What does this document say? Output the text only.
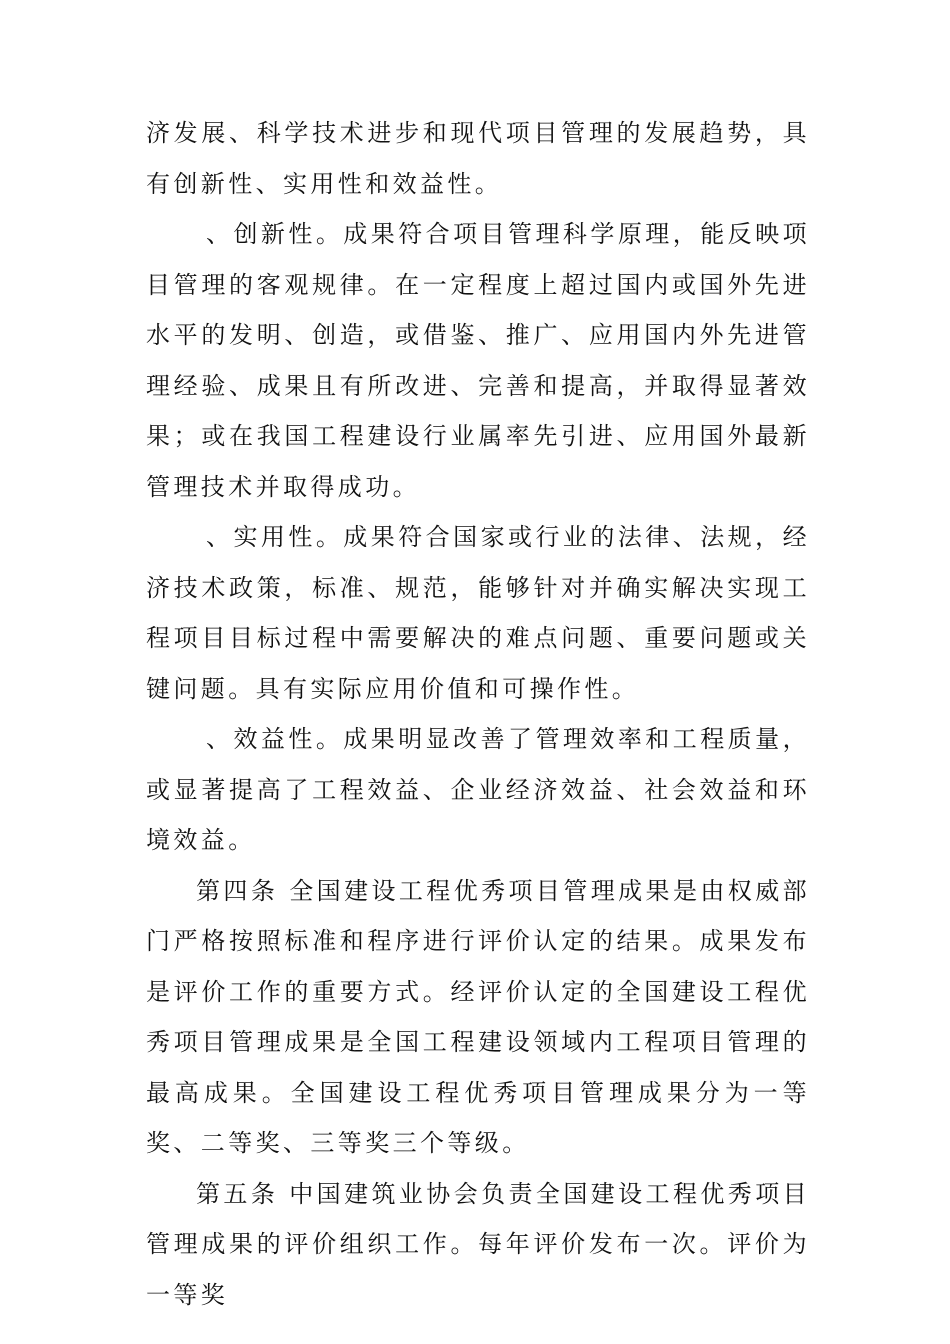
济发展、科学技术进步和现代项目管理的发展趋势，具有创新性、实用性和效益性。

、创新性。成果符合项目管理科学原理，能反映项目管理的客观规律。在一定程度上超过国内或国外先进水平的发明、创造，或借鉴、推广、应用国内外先进管理经验、成果且有所改进、完善和提高，并取得显著效果；或在我国工程建设行业属率先引进、应用国外最新管理技术并取得成功。

、实用性。成果符合国家或行业的法律、法规，经济技术政策，标准、规范，能够针对并确实解决实现工程项目目标过程中需要解决的难点问题、重要问题或关键问题。具有实际应用价值和可操作性。

、效益性。成果明显改善了管理效率和工程质量，或显著提高了工程效益、企业经济效益、社会效益和环境效益。

第四条 全国建设工程优秀项目管理成果是由权威部门严格按照标准和程序进行评价认定的结果。成果发布是评价工作的重要方式。经评价认定的全国建设工程优秀项目管理成果是全国工程建设领域内工程项目管理的最高成果。全国建设工程优秀项目管理成果分为一等奖、二等奖、三等奖三个等级。

第五条 中国建筑业协会负责全国建设工程优秀项目管理成果的评价组织工作。每年评价发布一次。评价为一等奖
